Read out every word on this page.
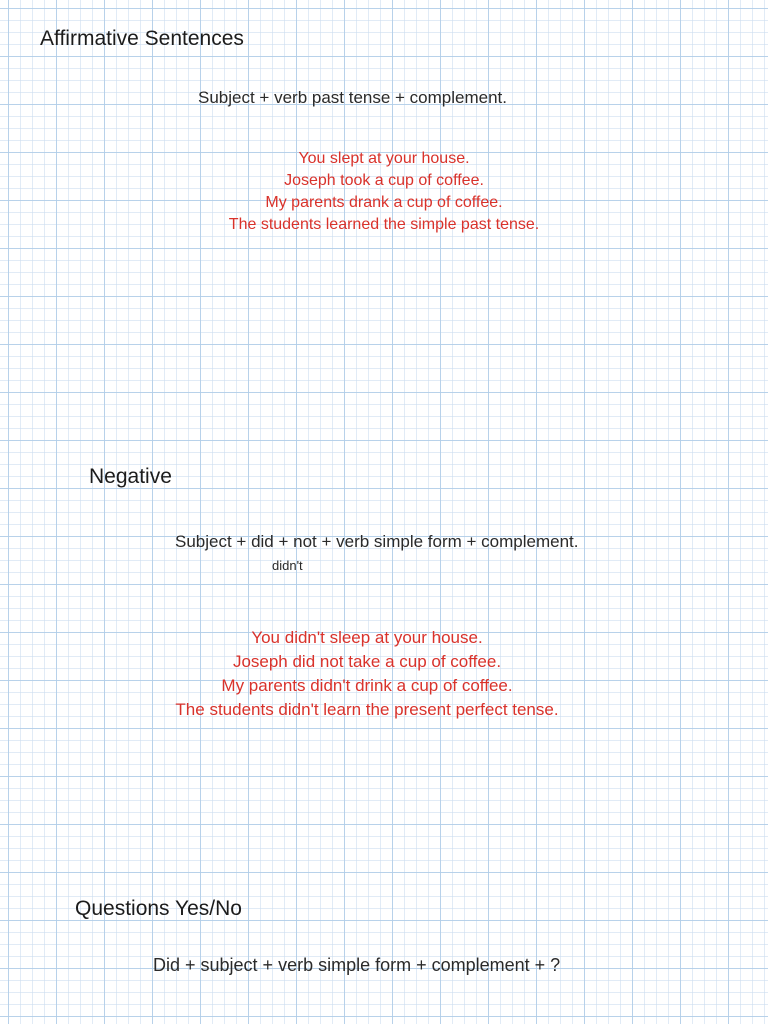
Affirmative Sentences
Subject + verb past tense + complement.
You slept at your house.
Joseph took a cup of coffee.
My parents drank a cup of coffee.
The students learned the simple past tense.
Negative
Subject + did + not + verb simple form + complement.
didn't
You didn't sleep at your house.
Joseph did not take a cup of coffee.
My parents didn't drink a cup of coffee.
The students didn't learn the present perfect tense.
Questions Yes/No
Did + subject + verb simple form + complement + ?
